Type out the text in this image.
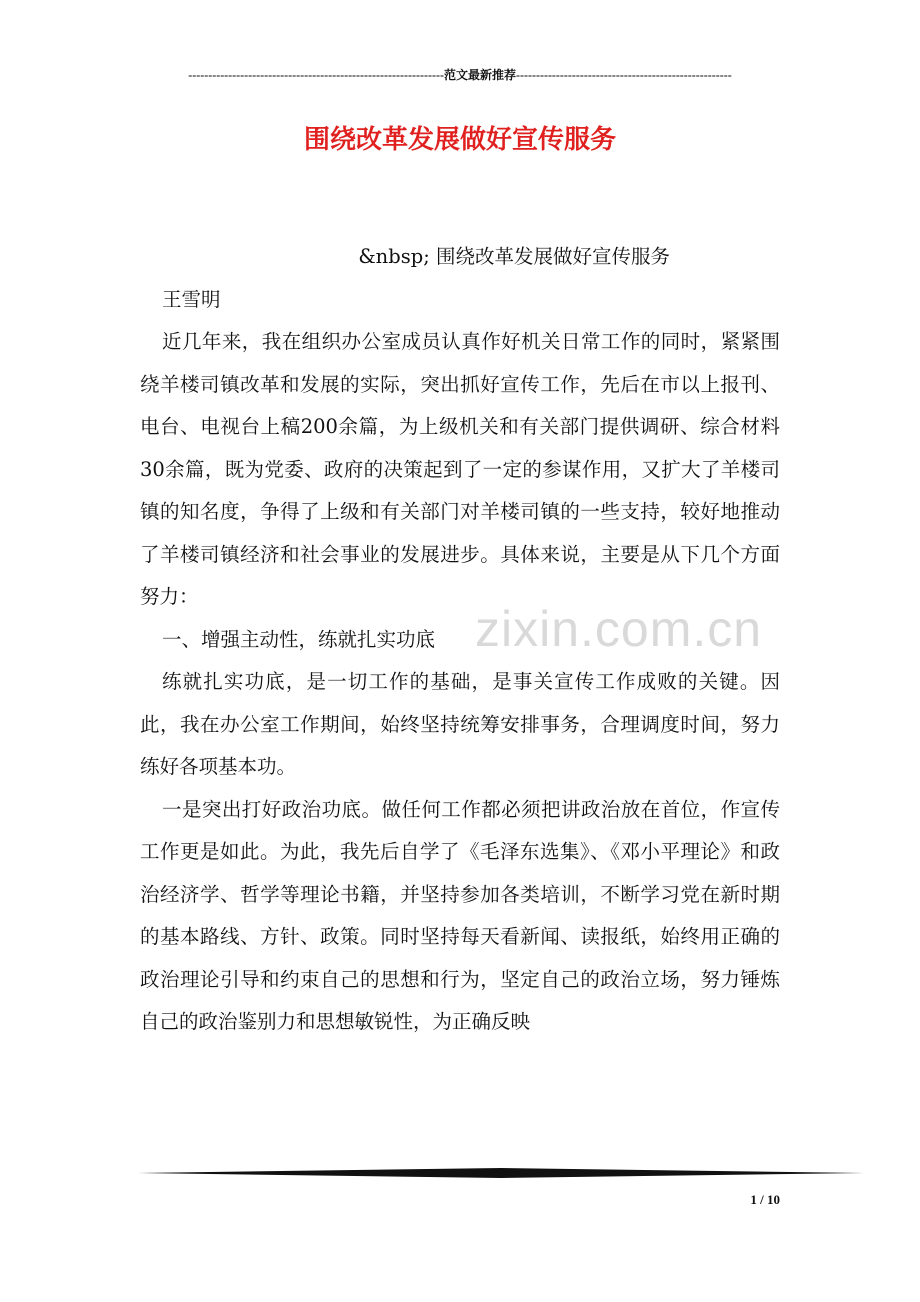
----------------------------------------------------------------范文最新推荐------------------------------------------------------
围绕改革发展做好宣传服务

&nbsp; 围绕改革发展做好宣传服务

王雪明

近几年来，我在组织办公室成员认真作好机关日常工作的同时，紧紧围绕羊楼司镇改革和发展的实际，突出抓好宣传工作，先后在市以上报刊、电台、电视台上稿200余篇，为上级机关和有关部门提供调研、综合材料30余篇，既为党委、政府的决策起到了一定的参谋作用，又扩大了羊楼司镇的知名度，争得了上级和有关部门对羊楼司镇的一些支持，较好地推动了羊楼司镇经济和社会事业的发展进步。具体来说，主要是从下几个方面努力：

一、增强主动性，练就扎实功底

练就扎实功底，是一切工作的基础，是事关宣传工作成败的关键。因此，我在办公室工作期间，始终坚持统筹安排事务，合理调度时间，努力练好各项基本功。

一是突出打好政治功底。做任何工作都必须把讲政治放在首位，作宣传工作更是如此。为此，我先后自学了《毛泽东选集》、《邓小平理论》和政治经济学、哲学等理论书籍，并坚持参加各类培训，不断学习党在新时期的基本路线、方针、政策。同时坚持每天看新闻、读报纸，始终用正确的政治理论引导和约束自己的思想和行为，坚定自己的政治立场，努力锤炼自己的政治鉴别力和思想敏锐性，为正确反映

zixin.com.cn
1 / 10
